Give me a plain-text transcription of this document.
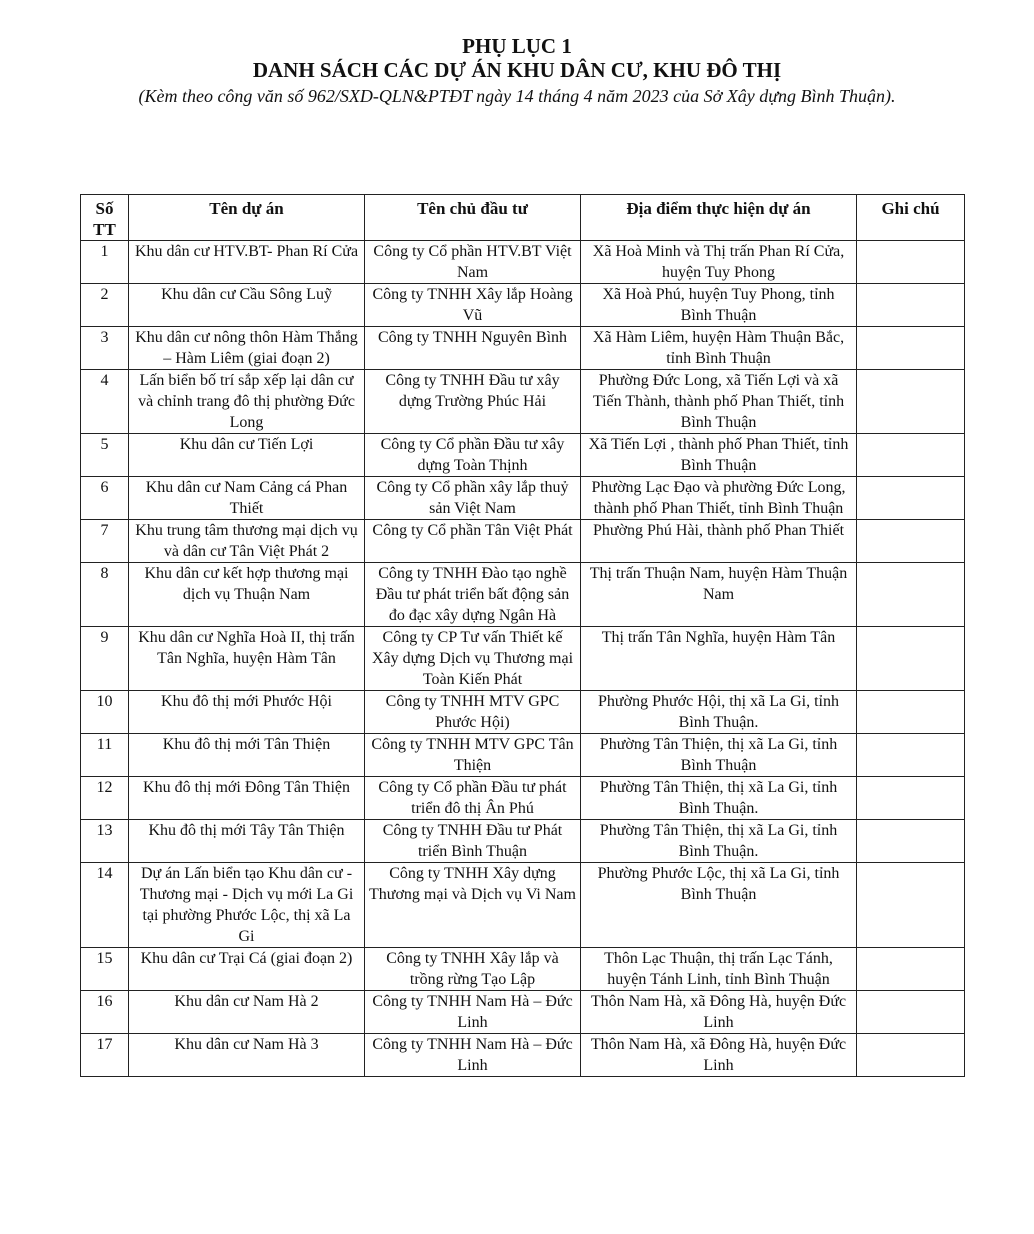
PHỤ LỤC 1
DANH SÁCH CÁC DỰ ÁN KHU DÂN CƯ, KHU ĐÔ THỊ
(Kèm theo công văn số 962/SXD-QLN&PTĐT ngày 14 tháng 4 năm 2023 của Sở Xây dựng Bình Thuận).
Số TT	Tên dự án	Tên chủ đầu tư	Địa điểm thực hiện dự án	Ghi chú
1	Khu dân cư HTV.BT- Phan Rí Cửa	Công ty Cổ phần HTV.BT Việt Nam	Xã Hoà Minh và Thị trấn Phan Rí Cửa, huyện Tuy Phong	
2	Khu dân cư Cầu Sông Luỹ	Công ty TNHH Xây lắp Hoàng Vũ	Xã Hoà Phú, huyện Tuy Phong, tỉnh Bình Thuận	
3	Khu dân cư nông thôn Hàm Thắng – Hàm Liêm (giai đoạn 2)	Công ty TNHH Nguyên Bình	Xã Hàm Liêm, huyện Hàm Thuận Bắc, tỉnh Bình Thuận	
4	Lấn biển bố trí sắp xếp lại dân cư và chỉnh trang đô thị phường Đức Long	Công ty TNHH Đầu tư xây dựng Trường Phúc Hải	Phường Đức Long, xã Tiến Lợi và xã Tiến Thành, thành phố Phan Thiết, tỉnh Bình Thuận	
5	Khu dân cư Tiến Lợi	Công ty Cổ phần Đầu tư xây dựng Toàn Thịnh	Xã Tiến Lợi , thành phố Phan Thiết, tỉnh Bình Thuận	
6	Khu dân cư Nam Cảng cá Phan Thiết	Công ty Cổ phần xây lắp thuỷ sản Việt Nam	Phường Lạc Đạo và phường Đức Long, thành phố Phan Thiết, tỉnh Bình Thuận	
7	Khu trung tâm thương mại dịch vụ và dân cư Tân Việt Phát 2	Công ty Cổ phần Tân Việt Phát	Phường Phú Hài, thành phố Phan Thiết	
8	Khu dân cư kết hợp thương mại dịch vụ Thuận Nam	Công ty TNHH Đào tạo nghề Đầu tư phát triển bất động sản đo đạc xây dựng Ngân Hà	Thị trấn Thuận Nam, huyện Hàm Thuận Nam	
9	Khu dân cư Nghĩa Hoà II, thị trấn Tân Nghĩa, huyện Hàm Tân	Công ty CP Tư vấn Thiết kế Xây dựng Dịch vụ Thương mại Toàn Kiến Phát	Thị trấn Tân Nghĩa, huyện Hàm Tân	
10	Khu đô thị mới Phước Hội	Công ty TNHH MTV GPC Phước Hội)	Phường Phước Hội, thị xã La Gi, tỉnh Bình Thuận.	
11	Khu đô thị mới Tân Thiện	Công ty TNHH MTV GPC Tân Thiện	Phường Tân Thiện, thị xã La Gi, tỉnh Bình Thuận	
12	Khu đô thị mới Đông Tân Thiện	Công ty Cổ phần Đầu tư phát triển đô thị Ân Phú	Phường Tân Thiện, thị xã La Gi, tỉnh Bình Thuận.	
13	Khu đô thị mới Tây Tân Thiện	Công ty TNHH Đầu tư Phát triển Bình Thuận	Phường Tân Thiện, thị xã La Gi, tỉnh Bình Thuận.	
14	Dự án Lấn biển tạo Khu dân cư - Thương mại - Dịch vụ mới La Gi tại phường Phước Lộc, thị xã La Gi	Công ty TNHH Xây dựng Thương mại và Dịch vụ Vi Nam	Phường Phước Lộc, thị xã La Gi, tỉnh Bình Thuận	
15	Khu dân cư Trại Cá (giai đoạn 2)	Công ty TNHH Xây lắp và trồng rừng Tạo Lập	Thôn Lạc Thuận, thị trấn Lạc Tánh, huyện Tánh Linh, tỉnh Bình Thuận	
16	Khu dân cư Nam Hà 2	Công ty TNHH Nam Hà – Đức Linh	Thôn Nam Hà, xã Đông Hà, huyện Đức Linh	
17	Khu dân cư Nam Hà 3	Công ty TNHH Nam Hà – Đức Linh	Thôn Nam Hà, xã Đông Hà, huyện Đức Linh	
